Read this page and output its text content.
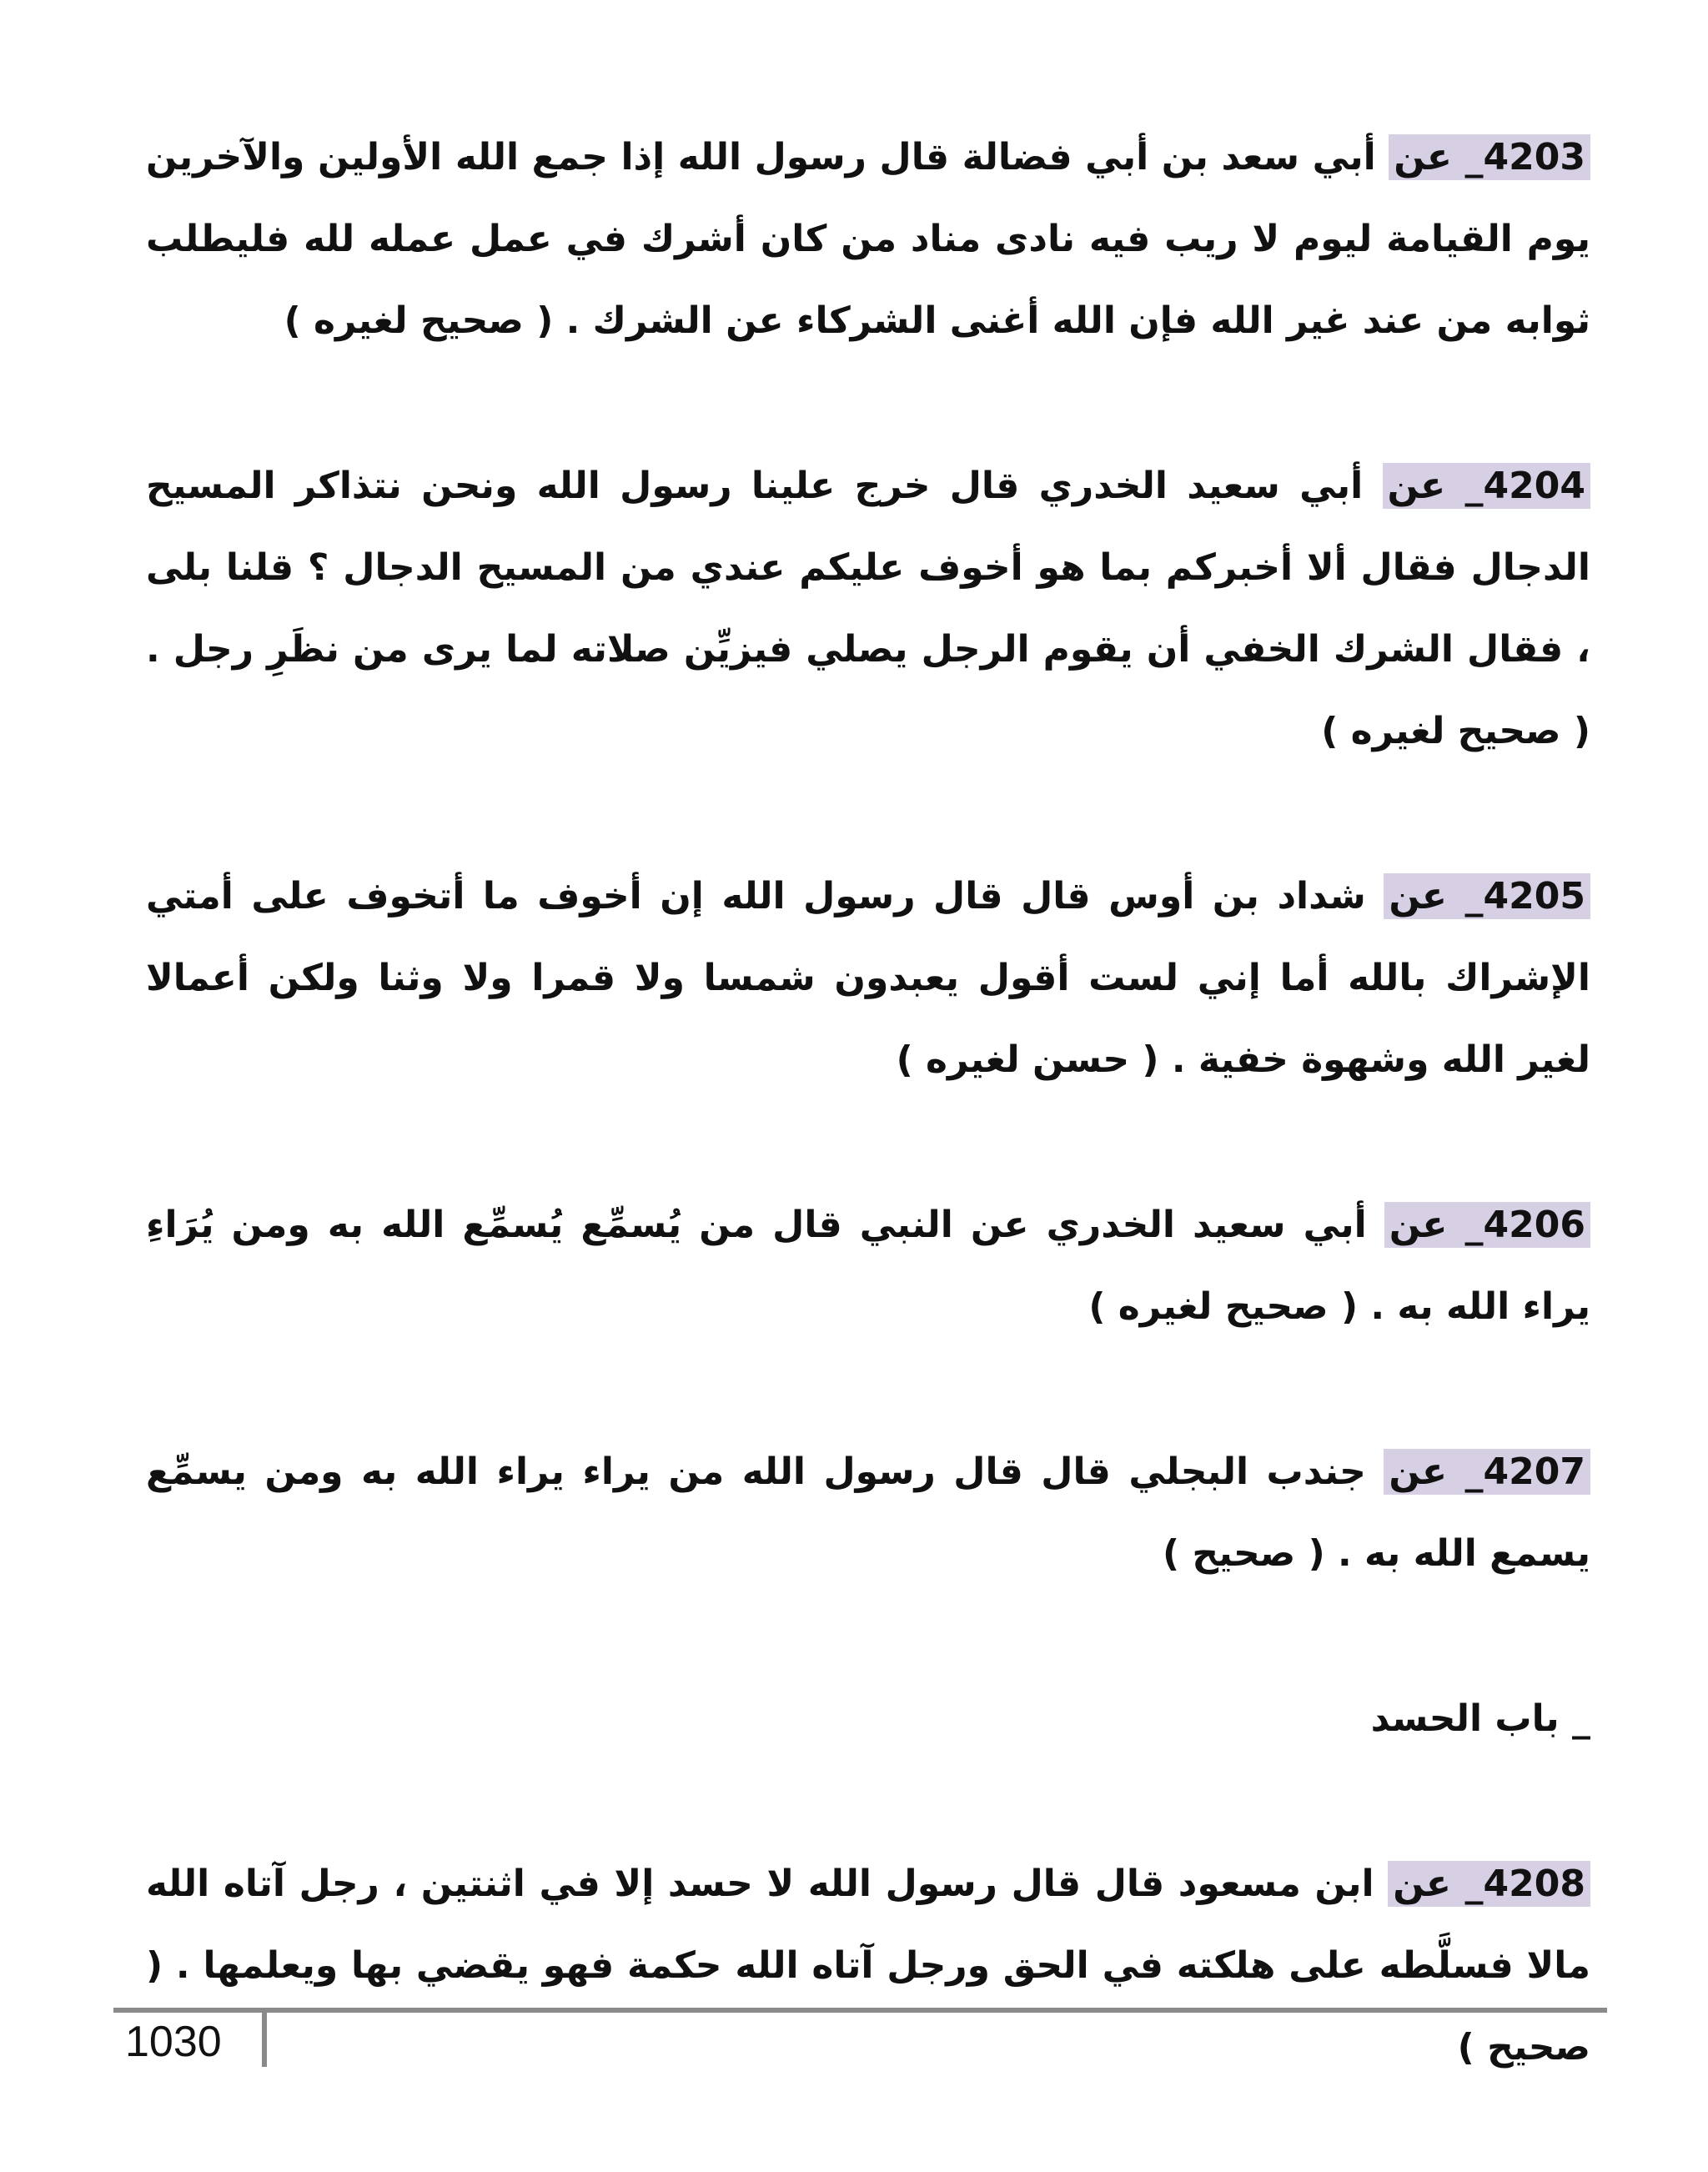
4203_ عن أبي سعد بن أبي فضالة قال رسول الله إذا جمع الله الأولين والآخرين يوم القيامة ليوم لا ريب فيه نادى مناد من كان أشرك في عمل عمله لله فليطلب ثوابه من عند غير الله فإن الله أغنى الشركاء عن الشرك . ( صحيح لغيره )

4204_ عن أبي سعيد الخدري قال خرج علينا رسول الله ونحن نتذاكر المسيح الدجال فقال ألا أخبركم بما هو أخوف عليكم عندي من المسيح الدجال ؟ قلنا بلى ، فقال الشرك الخفي أن يقوم الرجل يصلي فيزيِّن صلاته لما يرى من نظَرِ رجل . ( صحيح لغيره )

4205_ عن شداد بن أوس قال قال رسول الله إن أخوف ما أتخوف على أمتي الإشراك بالله أما إني لست أقول يعبدون شمسا ولا قمرا ولا وثنا ولكن أعمالا لغير الله وشهوة خفية . ( حسن لغيره )

4206_ عن أبي سعيد الخدري عن النبي قال من يُسمِّع يُسمِّع الله به ومن يُرَاءِ يراء الله به . ( صحيح لغيره )

4207_ عن جندب البجلي قال قال رسول الله من يراء يراء الله به ومن يسمِّع يسمع الله به . ( صحيح )

_ باب الحسد

4208_ عن ابن مسعود قال قال رسول الله لا حسد إلا في اثنتين ، رجل آتاه الله مالا فسلَّطه على هلكته في الحق ورجل آتاه الله حكمة فهو يقضي بها ويعلمها . ( صحيح )

1030
